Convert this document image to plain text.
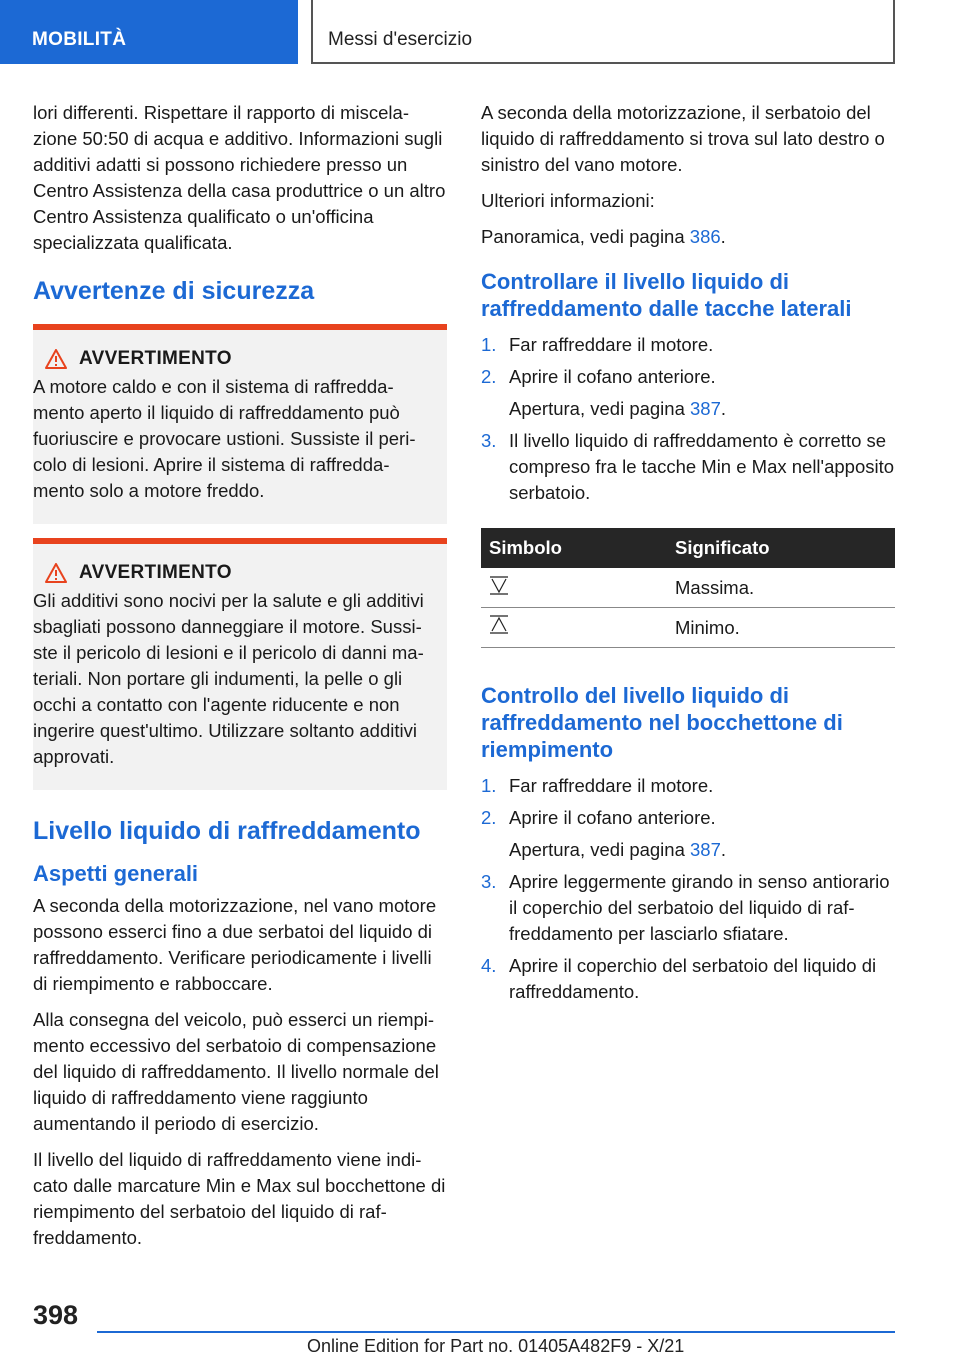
MOBILITÀ	Messi d'esercizio

lori differenti. Rispettare il rapporto di miscelazione 50:50 di acqua e additivo. Informazioni sugli additivi adatti si possono richiedere presso un Centro Assistenza della casa produttrice o un altro Centro Assistenza qualificato o un'officina specializzata qualificata.

Avvertenze di sicurezza
AVVERTIMENTO

A motore caldo e con il sistema di raffreddamento aperto il liquido di raffreddamento può fuoriuscire e provocare ustioni. Sussiste il pericolo di lesioni. Aprire il sistema di raffreddamento solo a motore freddo.

AVVERTIMENTO

Gli additivi sono nocivi per la salute e gli additivi sbagliati possono danneggiare il motore. Sussiste il pericolo di lesioni e il pericolo di danni materiali. Non portare gli indumenti, la pelle o gli occhi a contatto con l'agente riducente e non ingerire quest'ultimo. Utilizzare soltanto additivi approvati.

Livello liquido di raffreddamento
Aspetti generali

A seconda della motorizzazione, nel vano motore possono esserci fino a due serbatoi del liquido di raffreddamento. Verificare periodicamente i livelli di riempimento e rabboccare.

Alla consegna del veicolo, può esserci un riempimento eccessivo del serbatoio di compensazione del liquido di raffreddamento. Il livello normale del liquido di raffreddamento viene raggiunto aumentando il periodo di esercizio.

Il livello del liquido di raffreddamento viene indicato dalle marcature Min e Max sul bocchettone di riempimento del serbatoio del liquido di raffreddamento.

A seconda della motorizzazione, il serbatoio del liquido di raffreddamento si trova sul lato destro o sinistro del vano motore.

Ulteriori informazioni:

Panoramica, vedi pagina 386.

Controllare il livello liquido di raffreddamento dalle tacche laterali
1. Far raffreddare il motore.
2. Aprire il cofano anteriore.
Apertura, vedi pagina 387.
3. Il livello liquido di raffreddamento è corretto se compreso fra le tacche Min e Max nell'apposito serbatoio.
Simbolo	Significato
	Massima.
	Minimo.
Controllo del livello liquido di raffreddamento nel bocchettone di riempimento
1. Far raffreddare il motore.
2. Aprire il cofano anteriore.
Apertura, vedi pagina 387.
3. Aprire leggermente girando in senso antiorario il coperchio del serbatoio del liquido di raffreddamento per lasciarlo sfiatare.
4. Aprire il coperchio del serbatoio del liquido di raffreddamento.
398
Online Edition for Part no. 01405A482F9 - X/21
